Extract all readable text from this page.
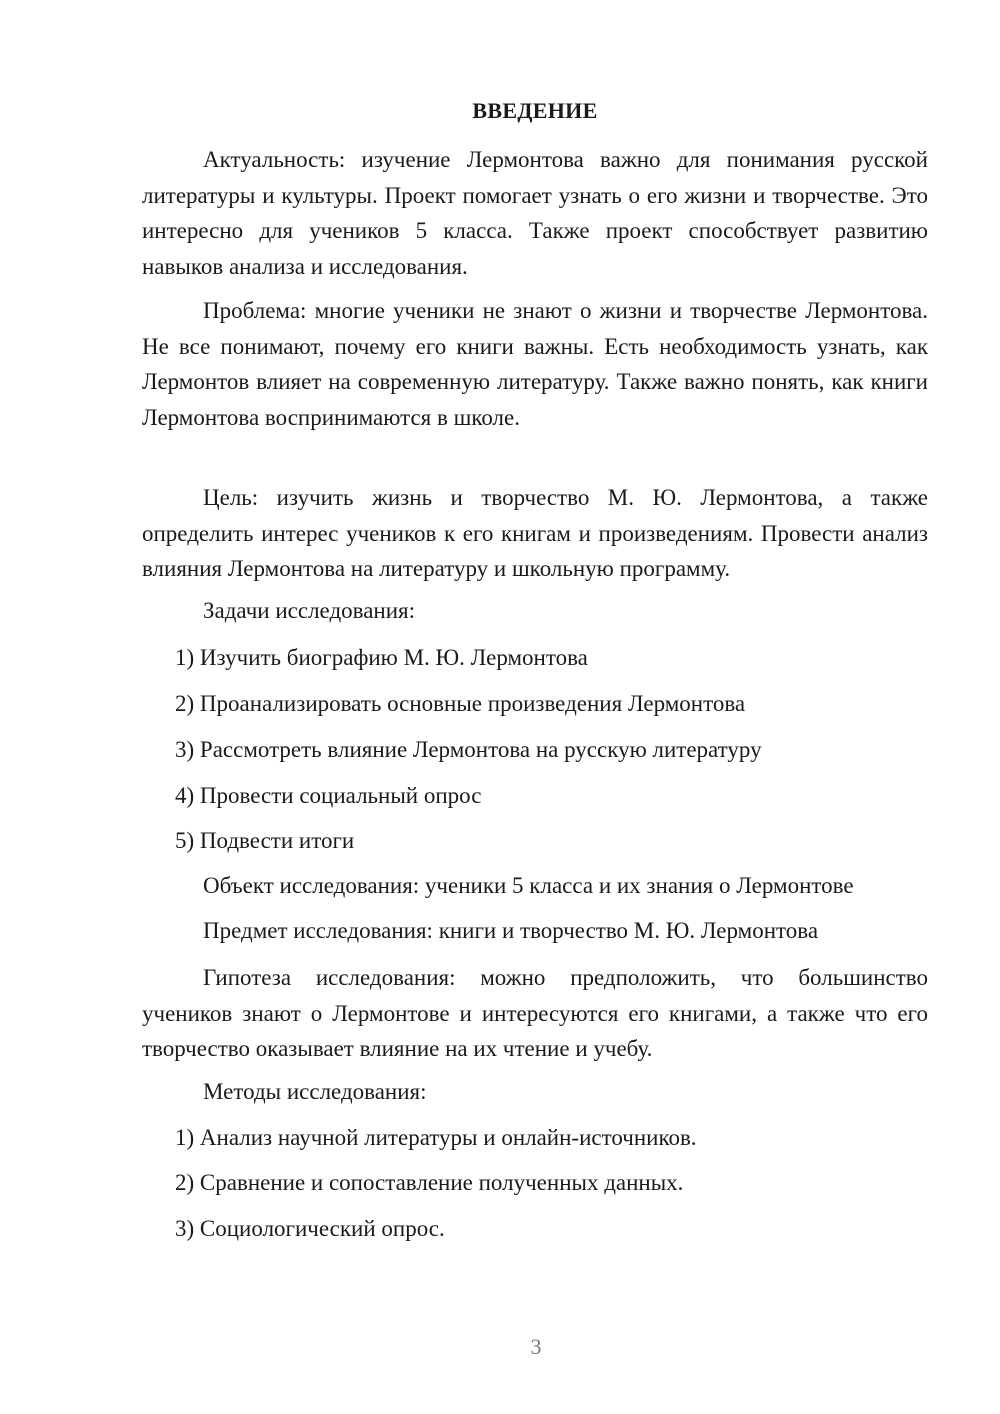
ВВЕДЕНИЕ
Актуальность: изучение Лермонтова важно для понимания русской литературы и культуры. Проект помогает узнать о его жизни и творчестве. Это интересно для учеников 5 класса. Также проект способствует развитию навыков анализа и исследования.
Проблема: многие ученики не знают о жизни и творчестве Лермонтова. Не все понимают, почему его книги важны. Есть необходимость узнать, как Лермонтов влияет на современную литературу. Также важно понять, как книги Лермонтова воспринимаются в школе.
Цель: изучить жизнь и творчество М. Ю. Лермонтова, а также определить интерес учеников к его книгам и произведениям. Провести анализ влияния Лермонтова на литературу и школьную программу.
Задачи исследования:
1) Изучить биографию М. Ю. Лермонтова
2) Проанализировать основные произведения Лермонтова
3) Рассмотреть влияние Лермонтова на русскую литературу
4) Провести социальный опрос
5) Подвести итоги
Объект исследования: ученики 5 класса и их знания о Лермонтове
Предмет исследования: книги и творчество М. Ю. Лермонтова
Гипотеза исследования: можно предположить, что большинство учеников знают о Лермонтове и интересуются его книгами, а также что его творчество оказывает влияние на их чтение и учебу.
Методы исследования:
1) Анализ научной литературы и онлайн-источников.
2) Сравнение и сопоставление полученных данных.
3) Социологический опрос.
3
